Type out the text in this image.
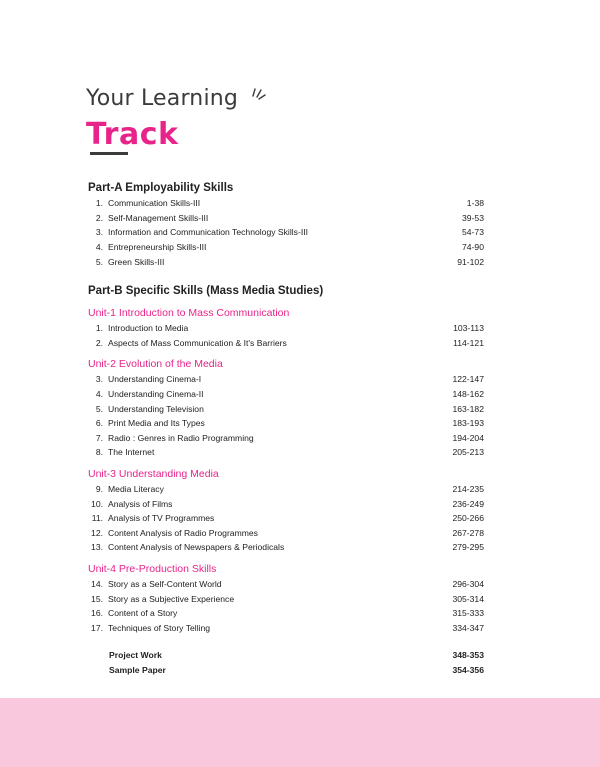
Your Learning
Track
Part-A Employability Skills
1. Communication Skills-III	1-38
2. Self-Management Skills-III	39-53
3. Information and Communication Technology Skills-III	54-73
4. Entrepreneurship Skills-III	74-90
5. Green Skills-III	91-102
Part-B Specific Skills (Mass Media Studies)
Unit-1 Introduction to Mass Communication
1. Introduction to Media	103-113
2. Aspects of Mass Communication & It's Barriers	114-121
Unit-2 Evolution of the Media
3. Understanding Cinema-I	122-147
4. Understanding Cinema-II	148-162
5. Understanding Television	163-182
6. Print Media and Its Types	183-193
7. Radio : Genres in Radio Programming	194-204
8. The Internet	205-213
Unit-3 Understanding Media
9. Media Literacy	214-235
10. Analysis of Films	236-249
11. Analysis of TV Programmes	250-266
12. Content Analysis of Radio Programmes	267-278
13. Content Analysis of Newspapers & Periodicals	279-295
Unit-4 Pre-Production Skills
14. Story as a Self-Content World	296-304
15. Story as a Subjective Experience	305-314
16. Content of a Story	315-333
17. Techniques of Story Telling	334-347
Project Work	348-353
Sample Paper	354-356
